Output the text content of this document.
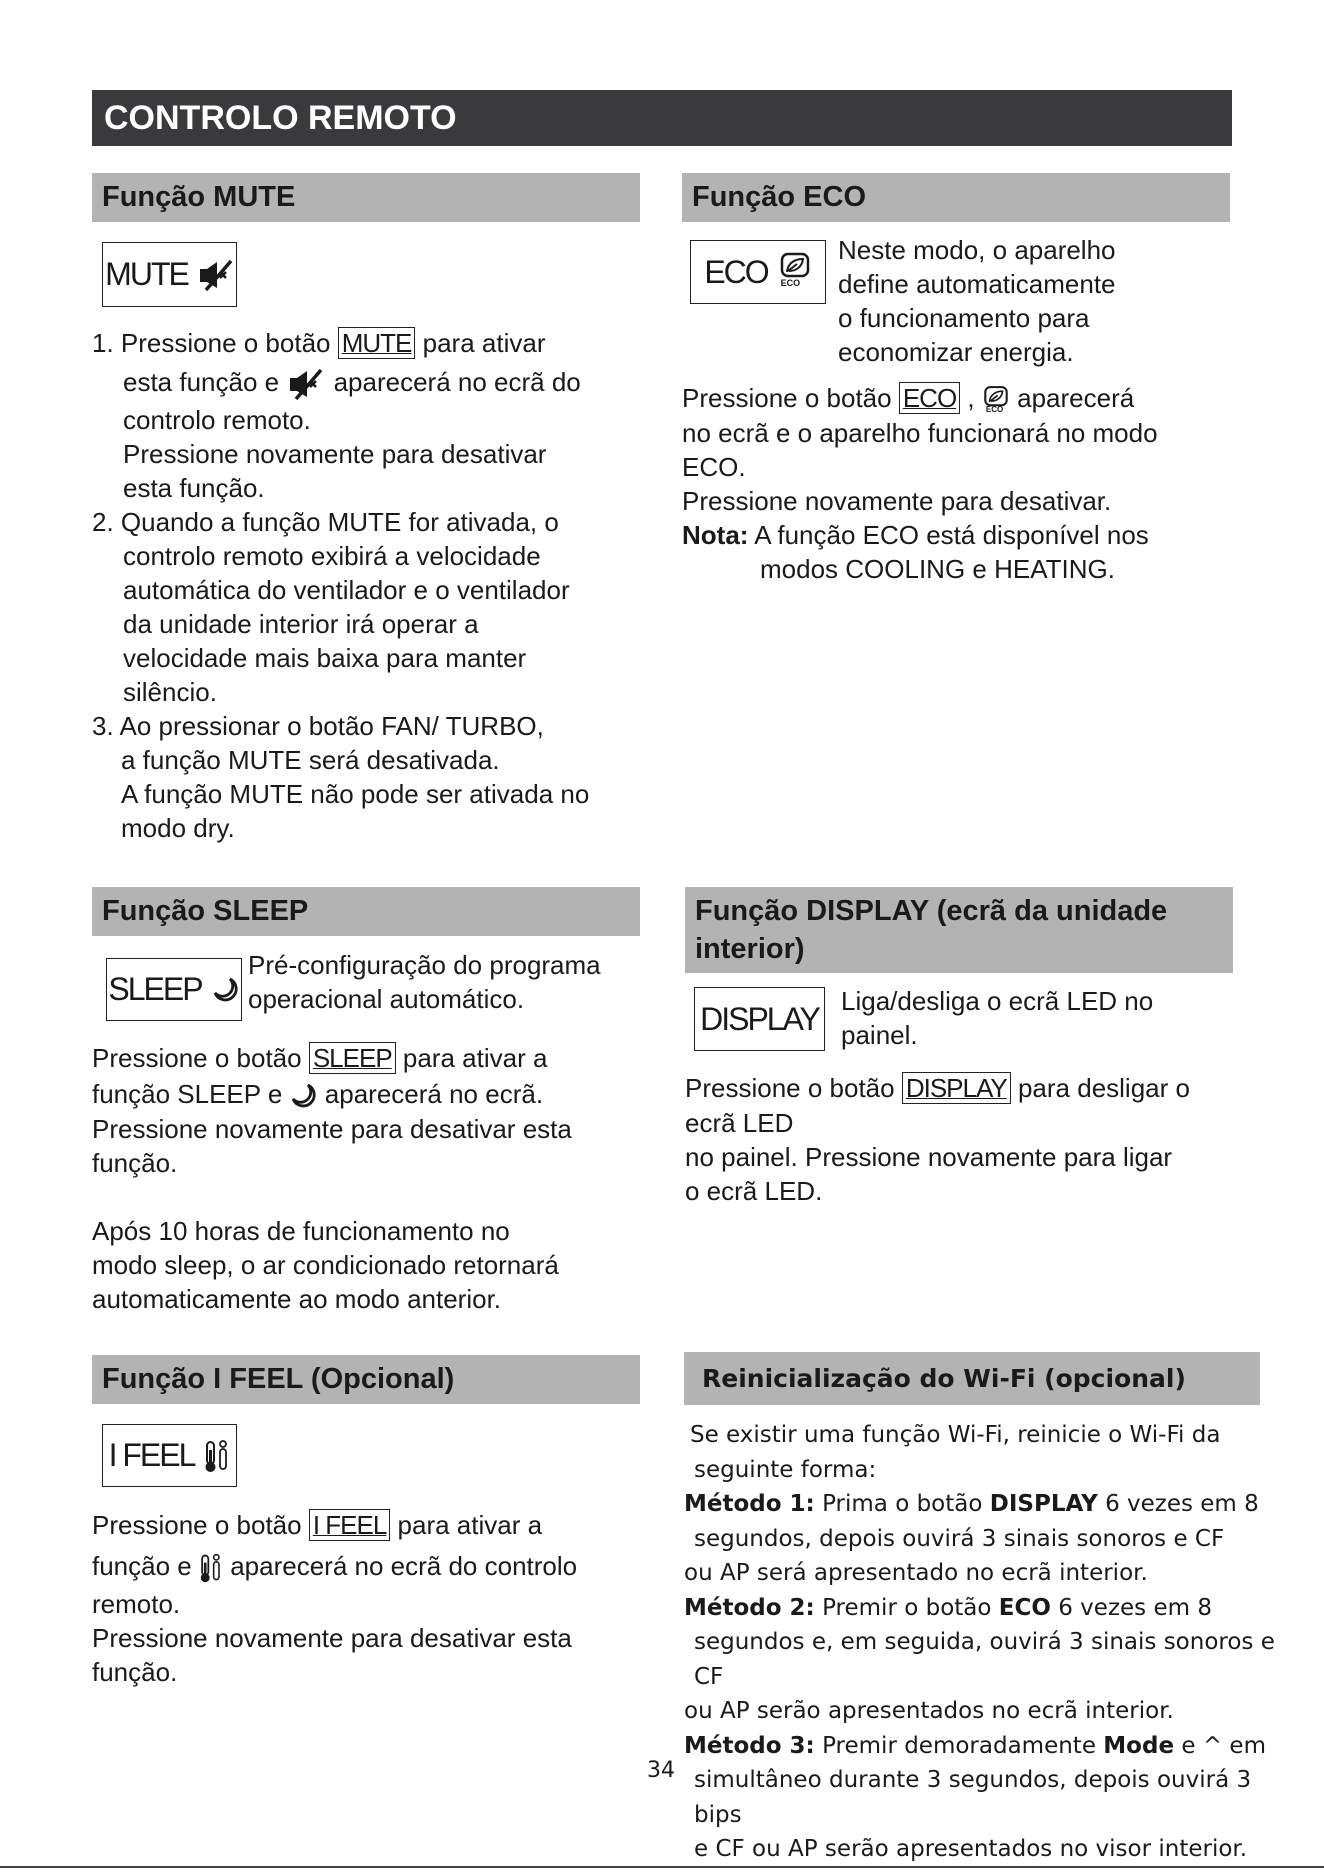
CONTROLO REMOTO
Função MUTE
MUTE

1. Pressione o botão MUTE para ativar

esta função e aparecerá no ecrã do

controlo remoto.

Pressione novamente para desativar

esta função.

2. Quando a função MUTE for ativada, o

controlo remoto exibirá a velocidade

automática do ventilador e o ventilador

da unidade interior irá operar a

velocidade mais baixa para manter

silêncio.

3. Ao pressionar o botão FAN/ TURBO,

a função MUTE será desativada.

A função MUTE não pode ser ativada no

modo dry.

Função ECO
ECO ECO

Neste modo, o aparelho

define automaticamente

o funcionamento para

economizar energia.

Pressione o botão ECO , ECO aparecerá

no ecrã e o aparelho funcionará no modo

ECO.

Pressione novamente para desativar.

Nota: A função ECO está disponível nos

modos COOLING e HEATING.

Função SLEEP
SLEEP

Pré-configuração do programa

operacional automático.

Pressione o botão SLEEP para ativar a

função SLEEP e aparecerá no ecrã.

Pressione novamente para desativar esta

função.

Após 10 horas de funcionamento no

modo sleep, o ar condicionado retornará

automaticamente ao modo anterior.

Função DISPLAY (ecrã da unidade interior)
DISPLAY Liga/desliga o ecrã LED no

painel.

Pressione o botão DISPLAY para desligar o

ecrã LED

no painel. Pressione novamente para ligar

o ecrã LED.

Função I FEEL (Opcional)
I FEEL

Pressione o botão I FEEL para ativar a

função e aparecerá no ecrã do controlo

remoto.

Pressione novamente para desativar esta

função.

Reinicialização do Wi-Fi (opcional)
Se existir uma função Wi-Fi, reinicie o Wi-Fi da
seguinte forma:
Método 1: Prima o botão DISPLAY 6 vezes em 8
segundos, depois ouvirá 3 sinais sonoros e CF
ou AP será apresentado no ecrã interior.
Método 2: Premir o botão ECO 6 vezes em 8
segundos e, em seguida, ouvirá 3 sinais sonoros e CF
ou AP serão apresentados no ecrã interior.
Método 3: Premir demoradamente Mode e ^ em
simultâneo durante 3 segundos, depois ouvirá 3 bips
e CF ou AP serão apresentados no visor interior.
34
